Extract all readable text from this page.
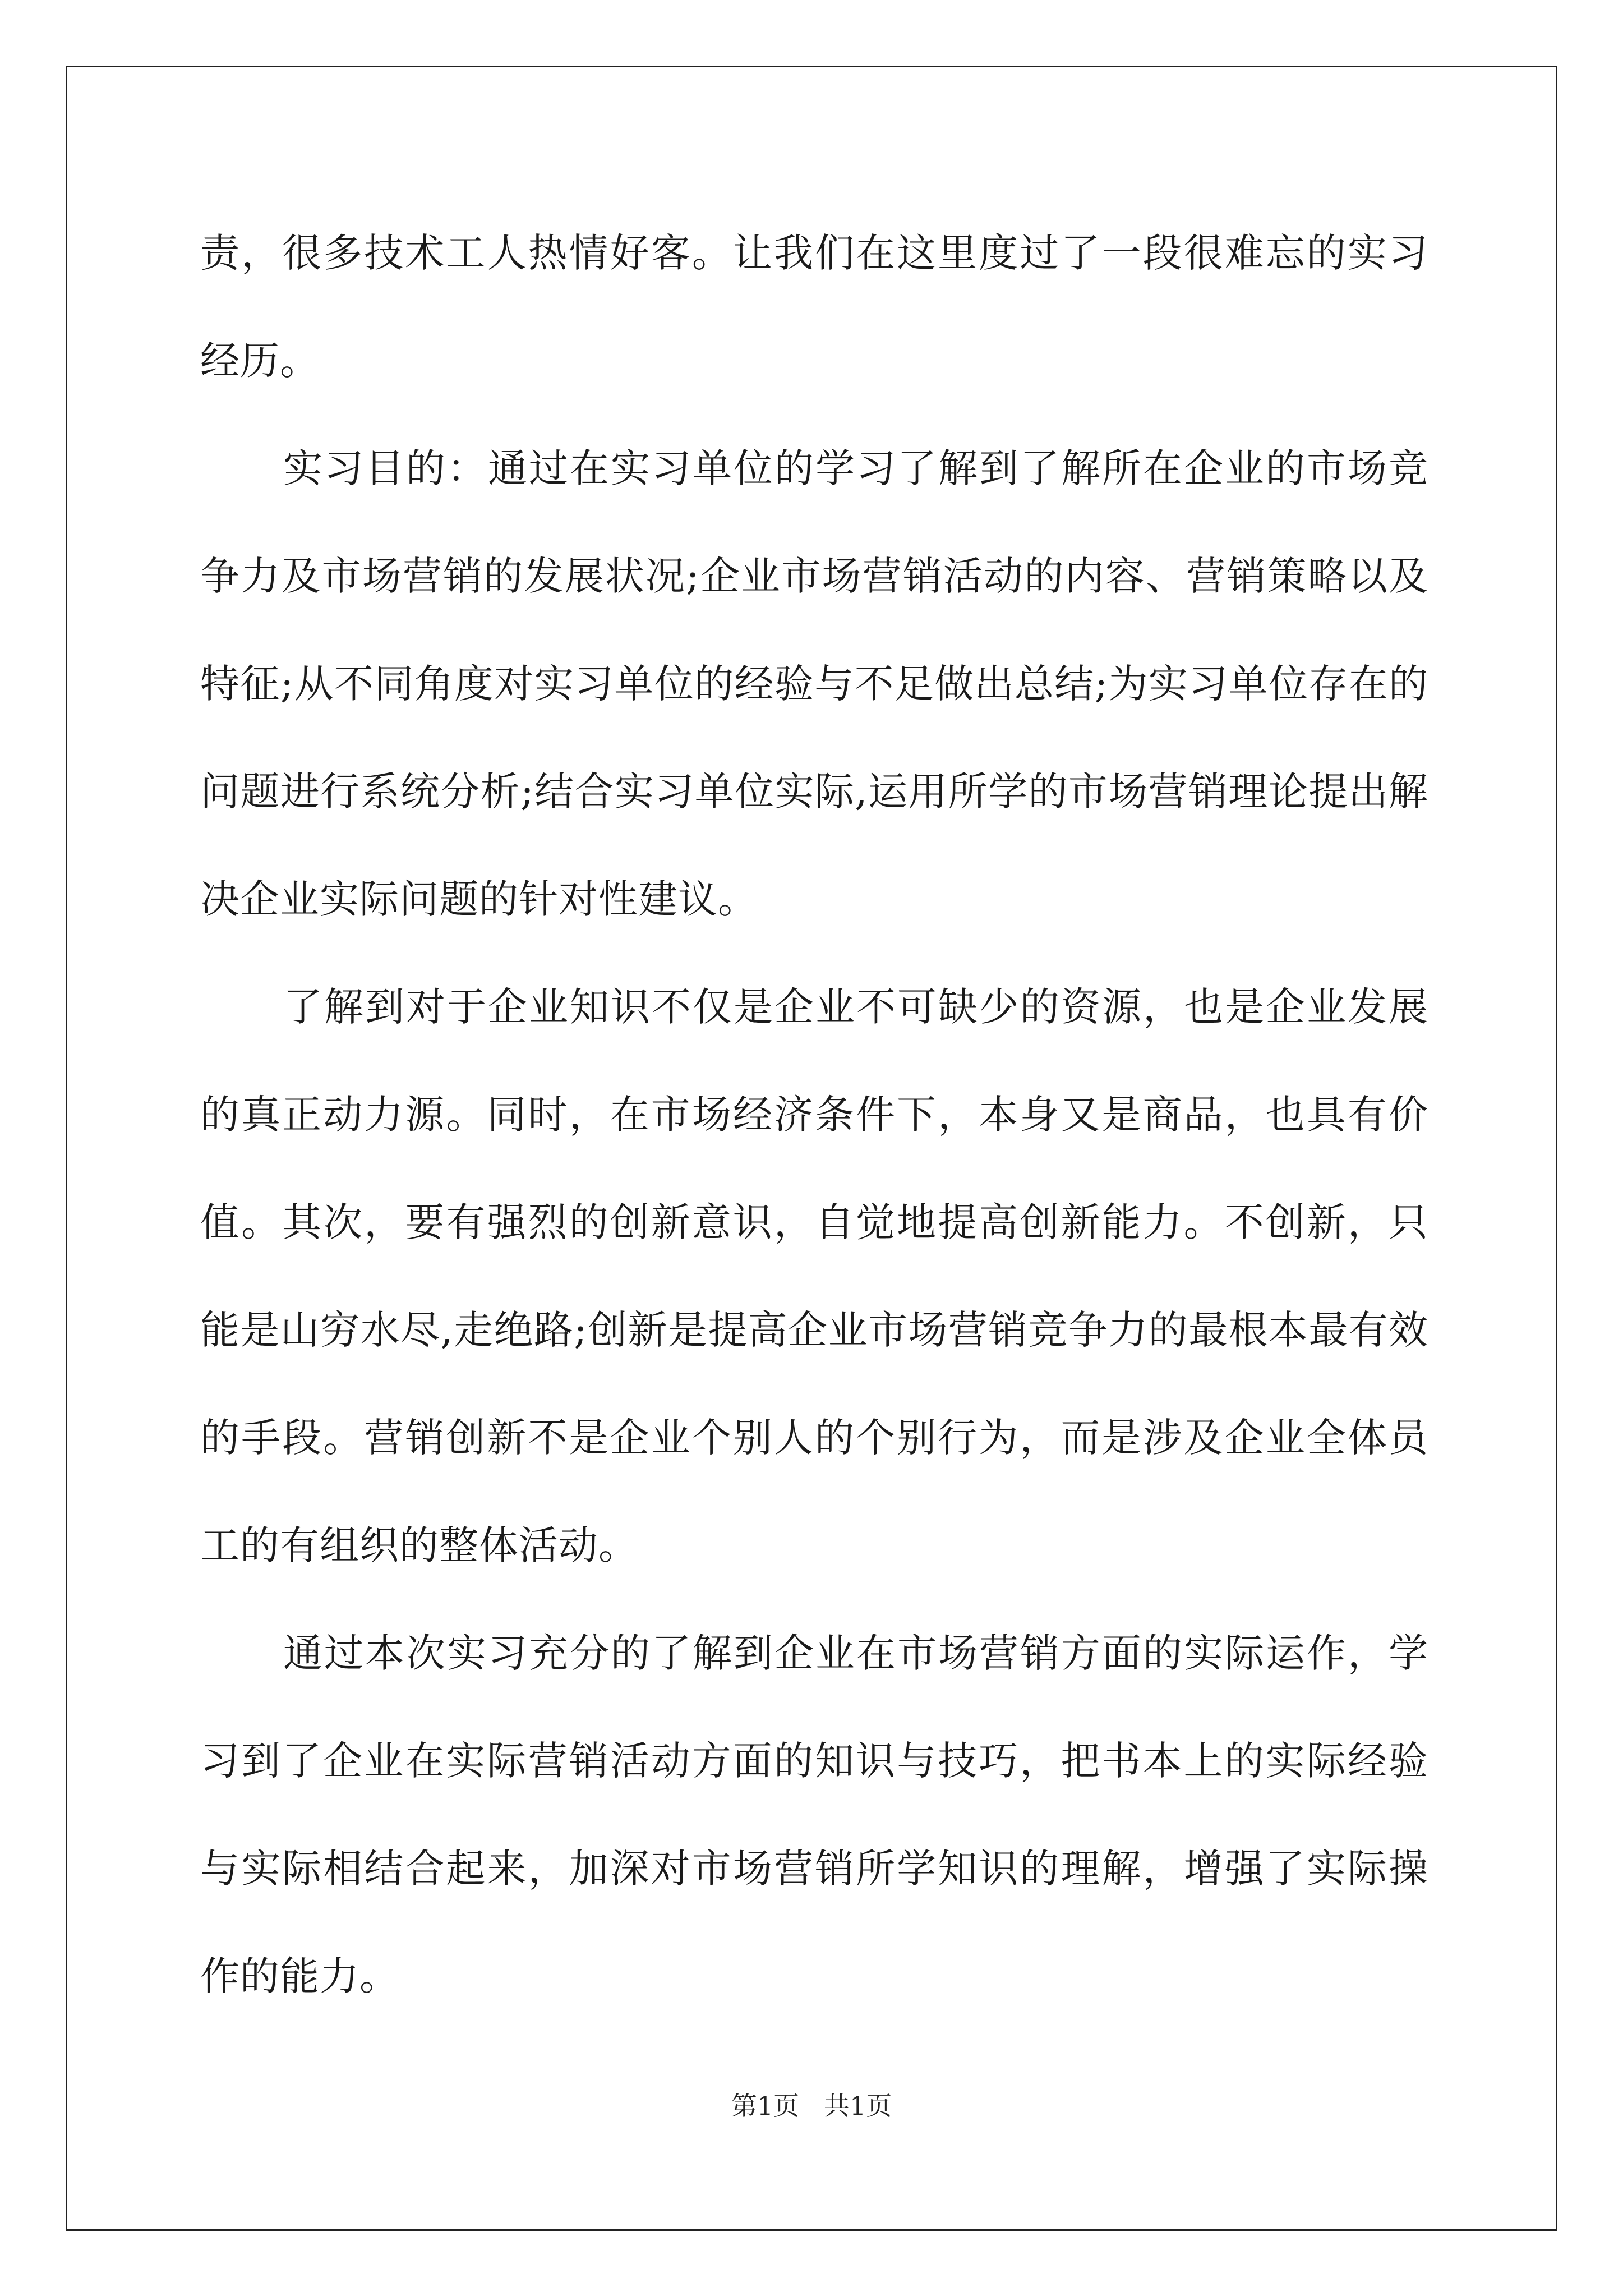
责，很多技术工人热情好客。让我们在这里度过了一段很难忘的实习经历。

实习目的：通过在实习单位的学习了解到了解所在企业的市场竞争力及市场营销的发展状况;企业市场营销活动的内容、营销策略以及特征;从不同角度对实习单位的经验与不足做出总结;为实习单位存在的问题进行系统分析;结合实习单位实际,运用所学的市场营销理论提出解决企业实际问题的针对性建议。

了解到对于企业知识不仅是企业不可缺少的资源，也是企业发展的真正动力源。同时，在市场经济条件下，本身又是商品，也具有价值。其次，要有强烈的创新意识，自觉地提高创新能力。不创新，只能是山穷水尽,走绝路;创新是提高企业市场营销竞争力的最根本最有效的手段。营销创新不是企业个别人的个别行为，而是涉及企业全体员工的有组织的整体活动。

通过本次实习充分的了解到企业在市场营销方面的实际运作，学习到了企业在实际营销活动方面的知识与技巧，把书本上的实际经验与实际相结合起来，加深对市场营销所学知识的理解，增强了实际操作的能力。

第1页 共1页
